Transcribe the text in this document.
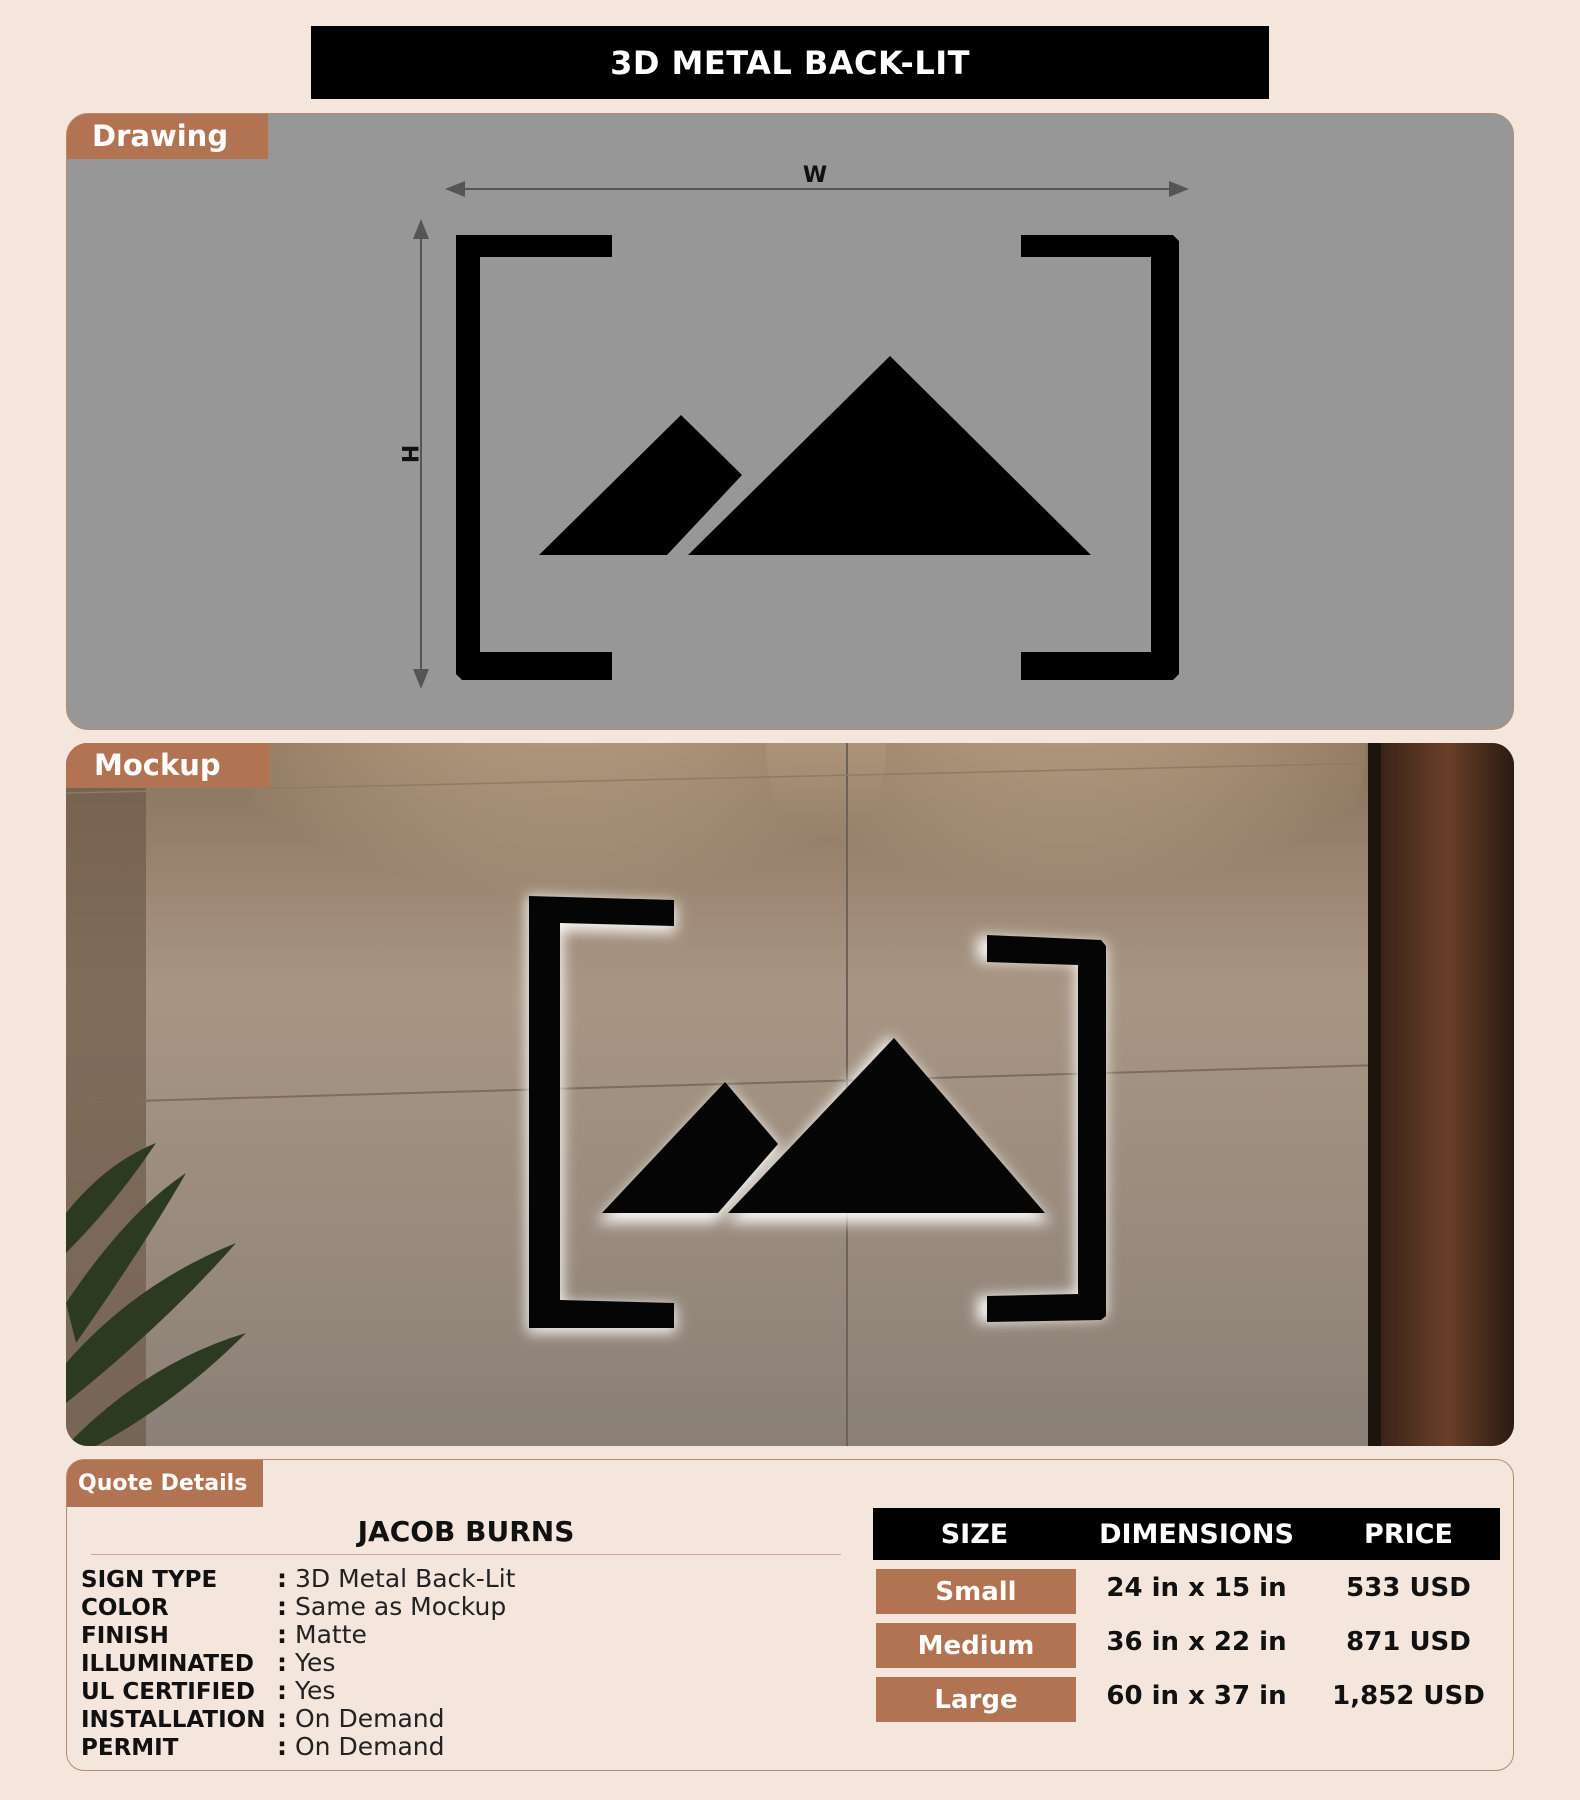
3D METAL BACK-LIT
Drawing
W
H
Mockup
Quote Details
JACOB BURNS
SIGN TYPE	: 3D Metal Back-Lit
COLOR	: Same as Mockup
FINISH	: Matte
ILLUMINATED : Yes
UL CERTIFIED : Yes
INSTALLATION : On Demand
PERMIT	: On Demand
SIZE	DIMENSIONS	PRICE
Small	24 in x 15 in	533 USD
Medium	36 in x 22 in	871 USD
Large	60 in x 37 in	1,852 USD
